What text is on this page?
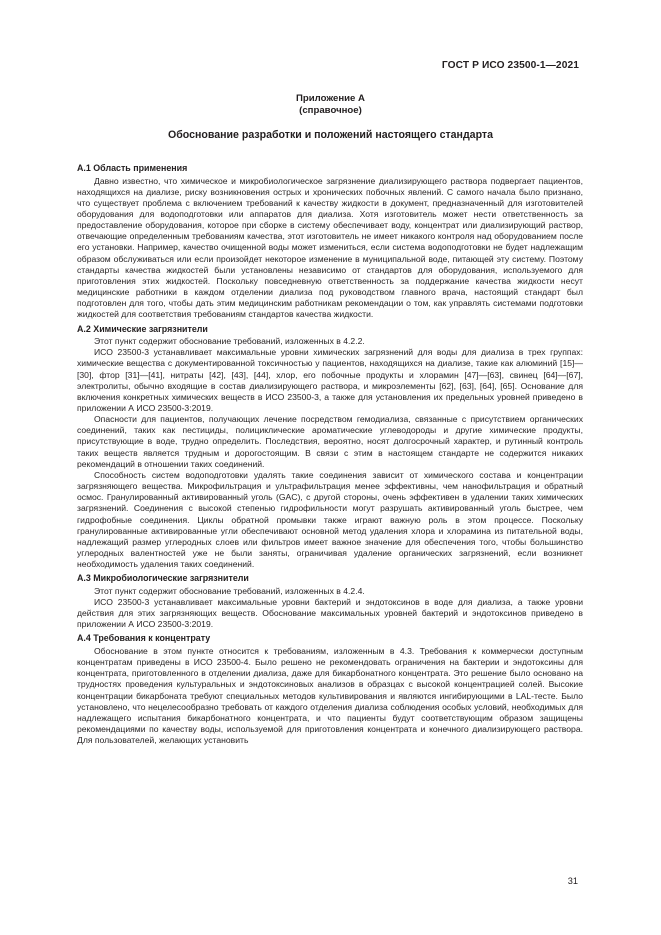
ГОСТ Р ИСО 23500-1—2021
Приложение А
(справочное)
Обоснование разработки и положений настоящего стандарта
А.1 Область применения

Давно известно, что химическое и микробиологическое загрязнение диализирующего раствора подвергает пациентов, находящихся на диализе, риску возникновения острых и хронических побочных явлений. С самого начала было признано, что существует проблема с включением требований к качеству жидкости в документ, предназначенный для изготовителей оборудования для водоподготовки или аппаратов для диализа. Хотя изготовитель может нести ответственность за предоставление оборудования, которое при сборке в систему обеспечивает воду, концентрат или диализирующий раствор, отвечающие определенным требованиям качества, этот изготовитель не имеет никакого контроля над оборудованием после его установки. Например, качество очищенной воды может измениться, если система водоподготовки не будет надлежащим образом обслуживаться или если произойдет некоторое изменение в муниципальной воде, питающей эту систему. Поэтому стандарты качества жидкостей были установлены независимо от стандартов для оборудования, используемого для приготовления этих жидкостей. Поскольку повседневную ответственность за поддержание качества жидкости несут медицинские работники в каждом отделении диализа под руководством главного врача, настоящий стандарт был подготовлен для того, чтобы дать этим медицинским работникам рекомендации о том, как управлять системами подготовки жидкостей для соответствия требованиям стандартов качества жидкости.

А.2 Химические загрязнители

Этот пункт содержит обоснование требований, изложенных в 4.2.2.

ИСО 23500-3 устанавливает максимальные уровни химических загрязнений для воды для диализа в трех группах: химические вещества с документированной токсичностью у пациентов, находящихся на диализе, такие как алюминий [15]—[30], фтор [31]—[41], нитраты [42], [43], [44], хлор, его побочные продукты и хлорамин [47]—[63], свинец [64]—[67], электролиты, обычно входящие в состав диализирующего раствора, и микроэлементы [62], [63], [64], [65]. Основание для включения конкретных химических веществ в ИСО 23500-3, а также для установления их предельных уровней приведено в приложении А ИСО 23500-3:2019.

Опасности для пациентов, получающих лечение посредством гемодиализа, связанные с присутствием органических соединений, таких как пестициды, полициклические ароматические углеводороды и другие химические продукты, присутствующие в воде, трудно определить. Последствия, вероятно, носят долгосрочный характер, и рутинный контроль таких веществ является трудным и дорогостоящим. В связи с этим в настоящем стандарте не содержится никаких рекомендаций в отношении таких соединений.

Способность систем водоподготовки удалять такие соединения зависит от химического состава и концентрации загрязняющего вещества. Микрофильтрация и ультрафильтрация менее эффективны, чем нанофильтрация и обратный осмос. Гранулированный активированный уголь (GAC), с другой стороны, очень эффективен в удалении таких химических загрязнений. Соединения с высокой степенью гидрофильности могут разрушать активированный уголь быстрее, чем гидрофобные соединения. Циклы обратной промывки также играют важную роль в этом процессе. Поскольку гранулированные активированные угли обеспечивают основной метод удаления хлора и хлорамина из питательной воды, надлежащий размер углеродных слоев или фильтров имеет важное значение для обеспечения того, чтобы большинство углеродных валентностей уже не были заняты, ограничивая удаление органических загрязнений, если возникнет необходимость удаления таких соединений.

А.3 Микробиологические загрязнители

Этот пункт содержит обоснование требований, изложенных в 4.2.4.

ИСО 23500-3 устанавливает максимальные уровни бактерий и эндотоксинов в воде для диализа, а также уровни действия для этих загрязняющих веществ. Обоснование максимальных уровней бактерий и эндотоксинов приведено в приложении А ИСО 23500-3:2019.

А.4 Требования к концентрату

Обоснование в этом пункте относится к требованиям, изложенным в 4.3. Требования к коммерчески доступным концентратам приведены в ИСО 23500-4. Было решено не рекомендовать ограничения на бактерии и эндотоксины для концентрата, приготовленного в отделении диализа, даже для бикарбонатного концентрата. Это решение было основано на трудностях проведения культуральных и эндотоксиновых анализов в образцах с высокой концентрацией солей. Высокие концентрации бикарбоната требуют специальных методов культивирования и являются ингибирующими в LAL-тесте. Было установлено, что нецелесообразно требовать от каждого отделения диализа соблюдения особых условий, необходимых для надлежащего испытания бикарбонатного концентрата, и что пациенты будут соответствующим образом защищены рекомендациями по качеству воды, используемой для приготовления концентрата и конечного диализирующего раствора. Для пользователей, желающих установить

31
